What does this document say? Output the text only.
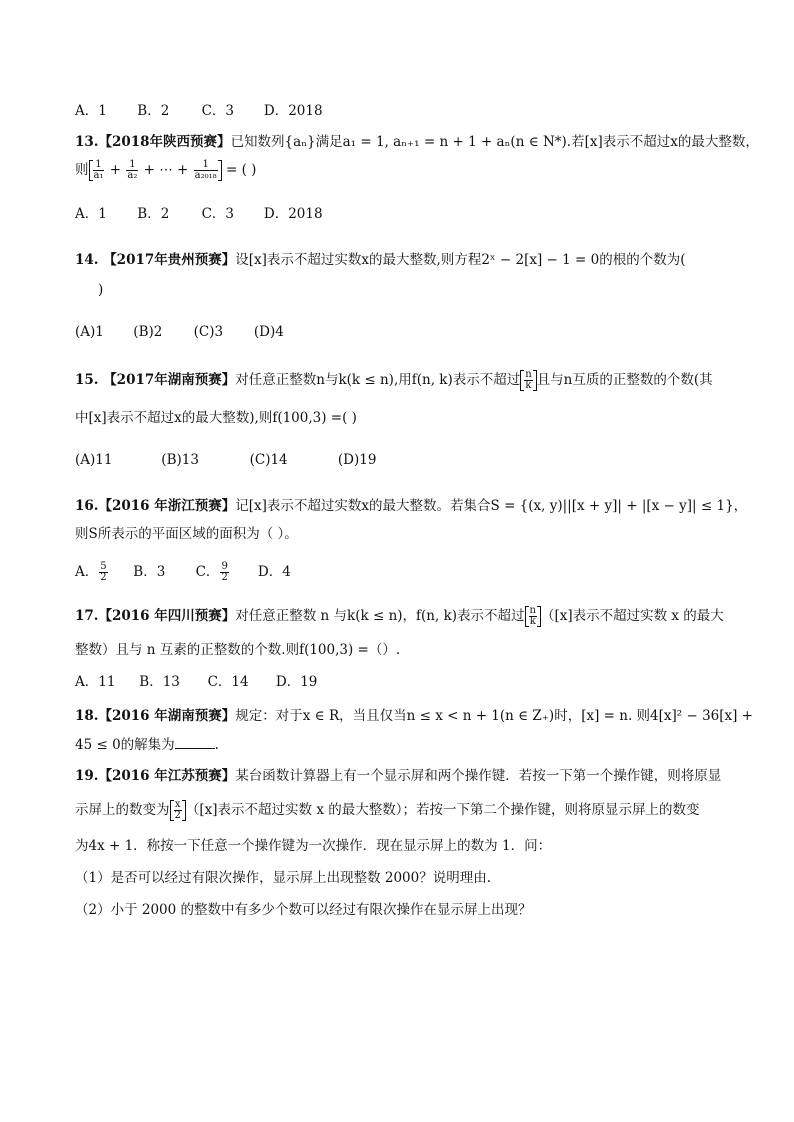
A．1 B．2 C．3 D．2018
13.【2018年陕西预赛】已知数列{aₙ}满足a₁ = 1, aₙ₊₁ = n + 1 + aₙ(n ∈ N*).若[x]表示不超过x的最大整数，
则 $\frac{1}{\text{a₁}} + \frac{1}{\text{a₂}}$ + ⋯ + $\frac{1}{\text{a₂₀₁₈}}$ = ( )
A．1 B．2 C．3 D．2018
14. 【2017年贵州预赛】设[x]表示不超过实数x的最大整数,则方程2ˣ − 2[x] − 1 = 0的根的个数为(
)
(A)1 (B)2 (C)3 (D)4
15. 【2017年湖南预赛】对任意正整数n与k(k ≤ n),用f(n, k)表示不超过 $\frac{n}{k}$ 且与n互质的正整数的个数(其
中[x]表示不超过x的最大整数),则f(100,3) =( )
(A)11	(B)13	(C)14	(D)19
16.【2016 年浙江预赛】记[x]表示不超过实数x的最大整数。若集合S = {(x, y)||[x + y]| + |[x − y]| ≤ 1}，
则S所表示的平面区域的面积为（ ）。
A． $\frac{5}{2}$ B．3 C． $\frac{9}{2}$ D．4
17.【2016 年四川预赛】对任意正整数 n 与k(k ≤ n)，f(n, k)表示不超过 $\frac{n}{k} ([x]$表示不超过实数 x 的最大
整数）且与 n 互素的正整数的个数.则f(100,3) =（）.
A．11 B．13 C．14 D．19
18.【2016 年湖南预赛】规定：对于x ∈ R，当且仅当n ≤ x < n + 1(n ∈ Z₊)时，[x] = n. 则4[x]² − 36[x] +
45 ≤ 0的解集为	.
19.【2016 年江苏预赛】某台函数计算器上有一个显示屏和两个操作键．若按一下第一个操作键，则将原显
示屏上的数变为 $\frac{x}{2} ([x]$表示不超过实数 x 的最大整数）；若按一下第二个操作键，则将原显示屏上的数变
为4x + 1．称按一下任意一个操作键为一次操作．现在显示屏上的数为 1．问：
（1）是否可以经过有限次操作，显示屏上出现整数 2000？说明理由.
（2）小于 2000 的整数中有多少个数可以经过有限次操作在显示屏上出现？
